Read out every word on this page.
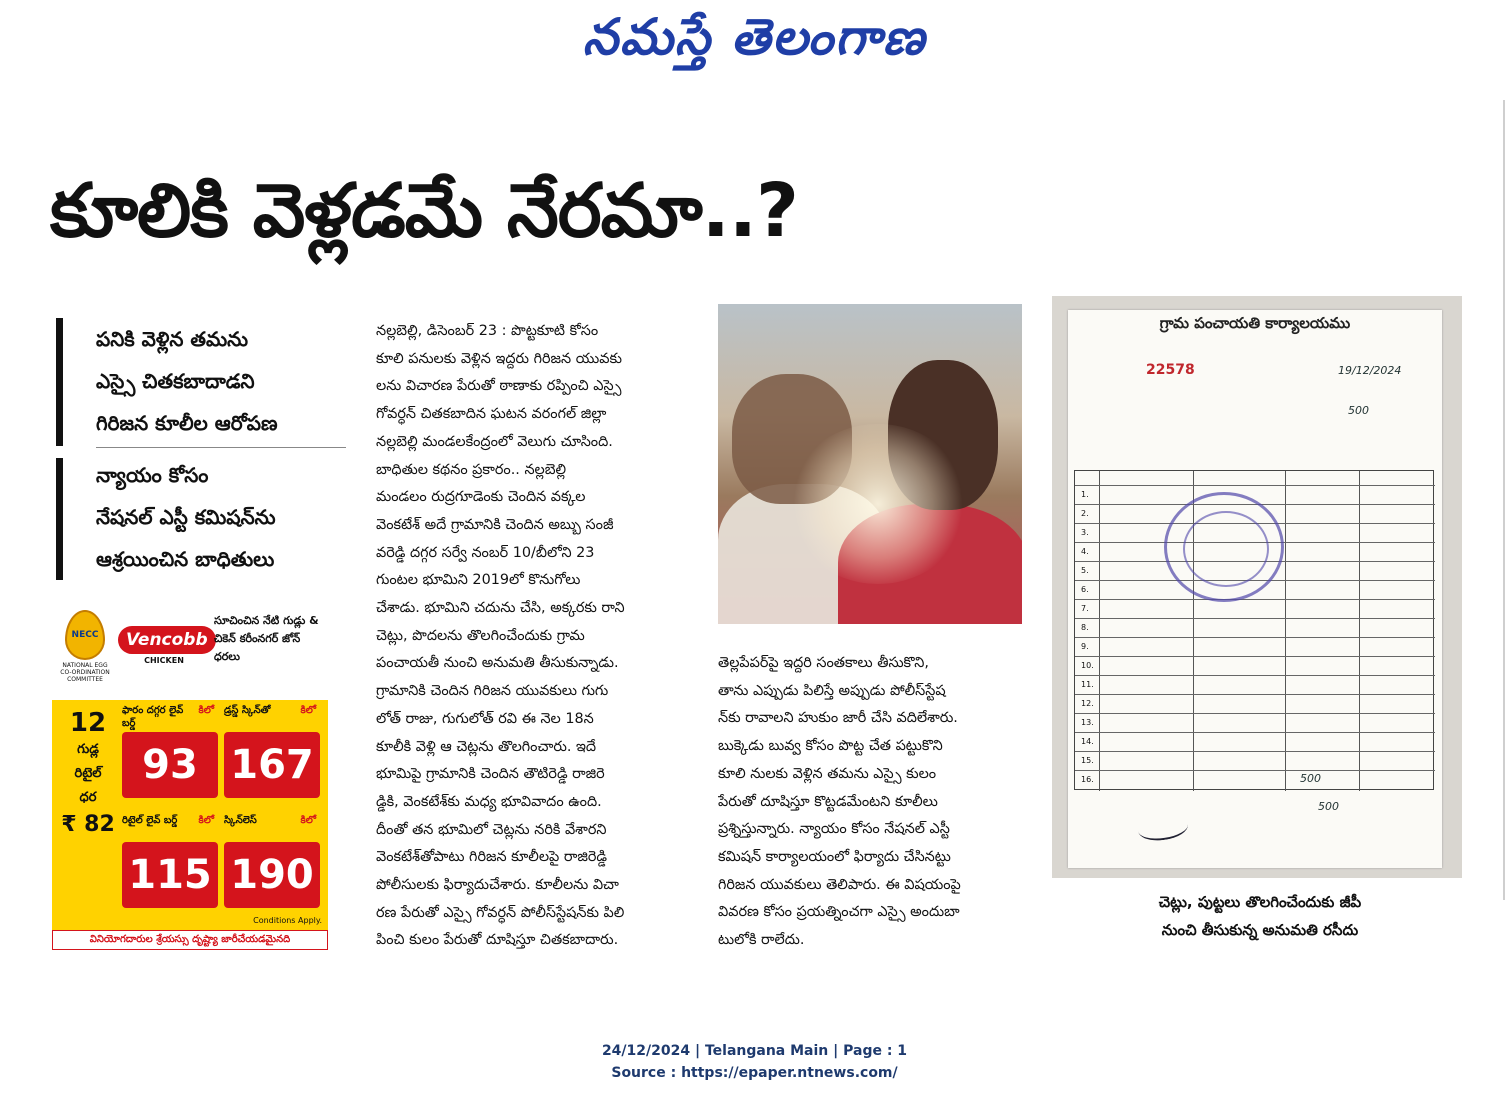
నమస్తే తెలంగాణ
కూలికి వెళ్లడమే నేరమా..?

పనికి వెళ్లిన తమను

ఎస్సై చితకబాదాడని

గిరిజన కూలీల ఆరోపణ

న్యాయం కోసం

నేషనల్ ఎస్టీ కమిషన్‌ను

ఆశ్రయించిన బాధితులు

NECC
NATIONAL EGG CO-ORDINATION COMMITTEE
Vencobb
CHICKEN
సూచించిన నేటి గుడ్లు & చికెన్ కరీంనగర్ జోన్ ధరలు
12
గుడ్ల
రిటైల్
ధర
₹ 82
కిలో
ఫారం దగ్గర లైవ్ బర్డ్
93
కిలో
డ్రస్డ్ స్కిన్‌తో
167
కిలో
రిటైల్ లైవ్ బర్డ్
115
కిలో
స్కిన్‌లెస్
190
Conditions Apply.
వినియోగదారుల శ్రేయస్సు దృష్ట్యా జారీచేయడమైనది

నల్లబెల్లి, డిసెంబర్ 23 : పొట్టకూటి కోసం

కూలి పనులకు వెళ్లిన ఇద్దరు గిరిజన యువకు

లను విచారణ పేరుతో ఠాణాకు రప్పించి ఎస్సై

గోవర్ధన్ చితకబాదిన ఘటన వరంగల్ జిల్లా

నల్లబెల్లి మండలకేంద్రంలో వెలుగు చూసింది.

బాధితుల కథనం ప్రకారం.. నల్లబెల్లి

మండలం రుద్రగూడెంకు చెందిన వక్కల

వెంకటేశ్ అదే గ్రామానికి చెందిన అబ్బు సంజీ

వరెడ్డి దగ్గర సర్వే నంబర్ 10/బీలోని 23

గుంటల భూమిని 2019లో కొనుగోలు

చేశాడు. భూమిని చదును చేసి, అక్కరకు రాని

చెట్లు, పొదలను తొలగించేందుకు గ్రామ

పంచాయతీ నుంచి అనుమతి తీసుకున్నాడు.

గ్రామానికి చెందిన గిరిజన యువకులు గుగు

లోత్ రాజు, గుగులోత్ రవి ఈ నెల 18న

కూలీకి వెళ్లి ఆ చెట్లను తొలగించారు. ఇదే

భూమిపై గ్రామానికి చెందిన తౌటిరెడ్డి రాజిరె

డ్డికి, వెంకటేశ్‌కు మధ్య భూవివాదం ఉంది.

దీంతో తన భూమిలో చెట్లను నరికి వేశారని

వెంకటేశ్‌తోపాటు గిరిజన కూలీలపై రాజిరెడ్డి

పోలీసులకు ఫిర్యాదుచేశారు. కూలీలను విచా

రణ పేరుతో ఎస్సై గోవర్ధన్ పోలీస్‌స్టేషన్‌కు పిలి

పించి కులం పేరుతో దూషిస్తూ చితకబాదారు.

తెల్లపేపర్‌పై ఇద్దరి సంతకాలు తీసుకొని,

తాను ఎప్పుడు పిలిస్తే అప్పుడు పోలీస్‌స్టేష

న్‌కు రావాలని హుకుం జారీ చేసి వదిలేశారు.

బుక్కెడు బువ్వ కోసం పొట్ట చేత పట్టుకొని

కూలి నులకు వెళ్లిన తమను ఎస్సై కులం

పేరుతో దూషిస్తూ కొట్టడమేంటని కూలీలు

ప్రశ్నిస్తున్నారు. న్యాయం కోసం నేషనల్ ఎస్టీ

కమిషన్ కార్యాలయంలో ఫిర్యాదు చేసినట్టు

గిరిజన యువకులు తెలిపారు. ఈ విషయంపై

వివరణ కోసం ప్రయత్నించగా ఎస్సై అందుబా

టులోకి రాలేదు.

గ్రామ పంచాయతి కార్యాలయము
22578	19/12/2024
500
1.
2.
3.
4.
5.
6.
7.
8.
9.
10.
11.
12.
13.
14.
15.
16.	500
500
చెట్లు, పుట్టలు తొలగించేందుకు జీపీ
నుంచి తీసుకున్న అనుమతి రసీదు
24/12/2024 | Telangana Main | Page : 1
Source : https://epaper.ntnews.com/
